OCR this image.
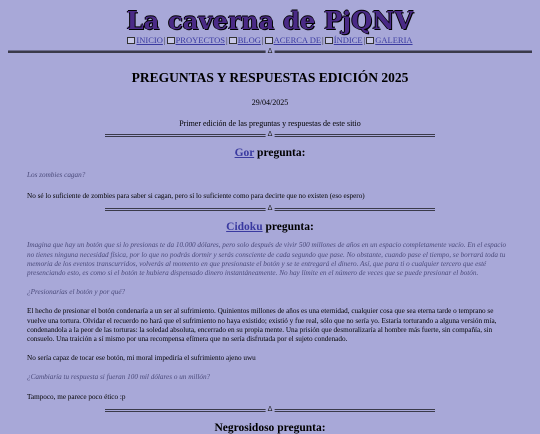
La caverna de PjQNV
INICIO| PROYECTOS| BLOG| ACERCA DE| ÍNDICE| GALERIA
Δ
PREGUNTAS Y RESPUESTAS EDICIÓN 2025
29/04/2025
Primer edición de las preguntas y respuestas de este sitio
Δ
Gor pregunta:

Los zombies cagan?

No sé lo suficiente de zombies para saber si cagan, pero sí lo suficiente como para decirte que no existen (eso espero)

Δ
Cidoku pregunta:

Imagina que hay un botón que si lo presionas te da 10.000 dólares, pero solo después de vivir 500 millones de años en un espacio completamente vacío. En el espacio no tienes ninguna necesidad física, por lo que no podrás dormir y serás consciente de cada segundo que pase. No obstante, cuando pase el tiempo, se borrará toda tu memoria de los eventos transcurridos, volverás al momento en que presionaste el botón y se te entregará el dinero. Así, que para ti o cualquier tercero que esté presenciando esto, es como si el botón te hubiera dispensado dinero instantáneamente. No hay límite en el número de veces que se puede presionar el botón.

¿Presionarías el botón y por qué?

El hecho de presionar el botón condenaría a un ser al sufrimiento. Quinientos millones de años es una eternidad, cualquier cosa que sea eterna tarde o temprano se vuelve una tortura. Olvidar el recuerdo no hará que el sufrimiento no haya existido; existió y fue real, sólo que no sería yo. Estaría torturando a alguna versión mía, condenandola a la peor de las torturas: la soledad absoluta, encerrado en su propia mente. Una prisión que desmoralizaría al hombre más fuerte, sin compañía, sin consuelo. Una traición a sí mismo por una recompensa efímera que no sería disfrutada por el sujeto condenado.

No sería capaz de tocar ese botón, mi moral impediría el sufrimiento ajeno uwu

¿Cambiaría tu respuesta si fueran 100 mil dólares o un millón?

Tampoco, me parece poco ético :p

Δ
Negrosidoso pregunta:
